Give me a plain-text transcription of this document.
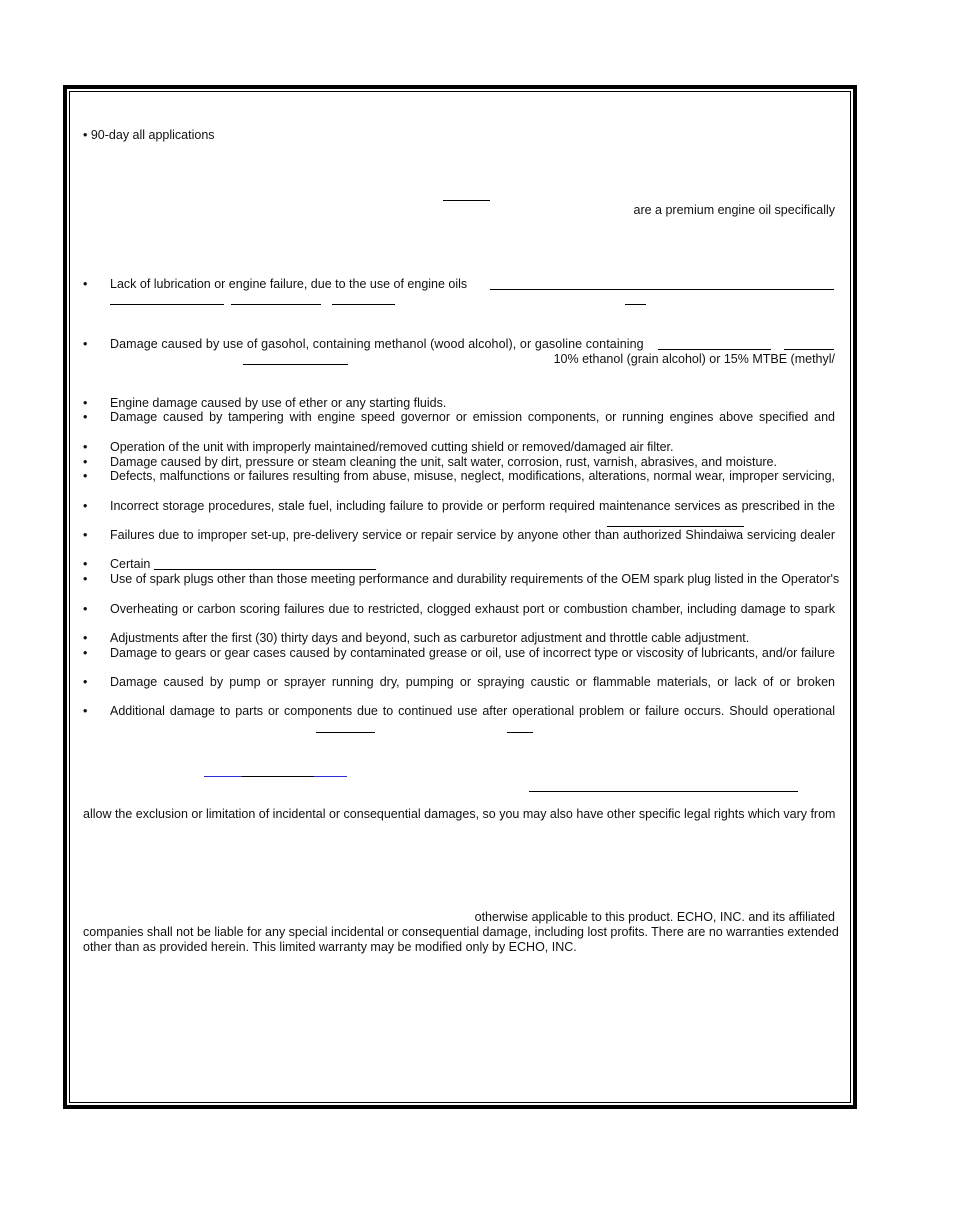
• 90-day all applications
are a premium engine oil specifically
• Lack of lubrication or engine failure, due to the use of engine oils
• Damage caused by use of gasohol, containing methanol (wood alcohol), or gasoline containing
10% ethanol (grain alcohol) or 15% MTBE (methyl/
• Engine damage caused by use of ether or any starting fluids.
• Damage caused by tampering with engine speed governor or emission components, or running engines above specified and
• Operation of the unit with improperly maintained/removed cutting shield or removed/damaged air filter.
• Damage caused by dirt, pressure or steam cleaning the unit, salt water, corrosion, rust, varnish, abrasives, and moisture.
• Defects, malfunctions or failures resulting from abuse, misuse, neglect, modifications, alterations, normal wear, improper servicing,
• Incorrect storage procedures, stale fuel, including failure to provide or perform required maintenance services as prescribed in the
• Failures due to improper set-up, pre-delivery service or repair service by anyone other than authorized Shindaiwa servicing dealer
• Certain
• Use of spark plugs other than those meeting performance and durability requirements of the OEM spark plug listed in the Operator's
• Overheating or carbon scoring failures due to restricted, clogged exhaust port or combustion chamber, including damage to spark
• Adjustments after the first (30) thirty days and beyond, such as carburetor adjustment and throttle cable adjustment.
• Damage to gears or gear cases caused by contaminated grease or oil, use of incorrect type or viscosity of lubricants, and/or failure
• Damage caused by pump or sprayer running dry, pumping or spraying caustic or flammable materials, or lack of or broken
• Additional damage to parts or components due to continued use after operational problem or failure occurs. Should operational
allow the exclusion or limitation of incidental or consequential damages, so you may also have other specific legal rights which vary from
otherwise applicable to this product. ECHO, INC. and its affiliated
companies shall not be liable for any special incidental or consequential damage, including lost profits. There are no warranties extended
other than as provided herein. This limited warranty may be modified only by ECHO, INC.
